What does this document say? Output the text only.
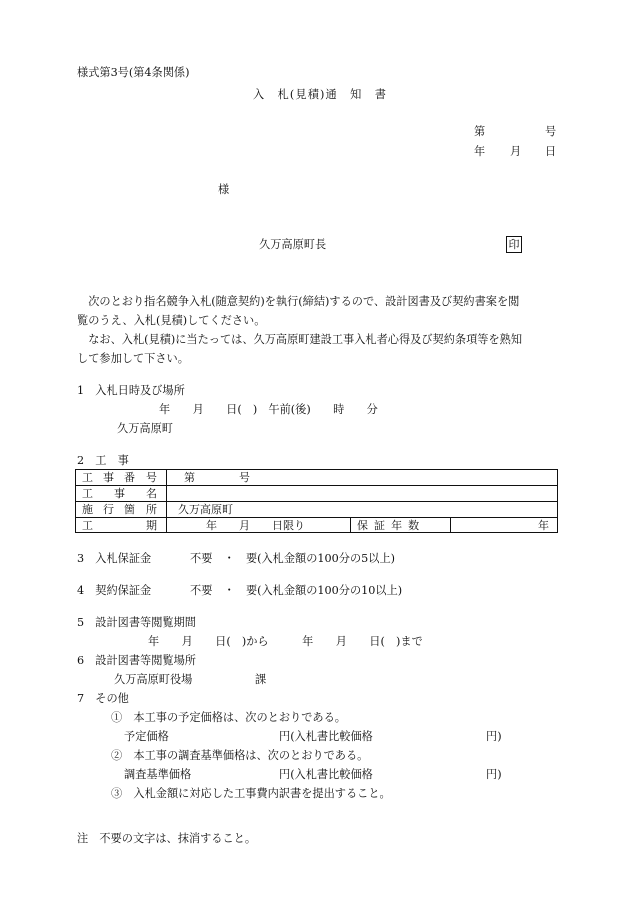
様式第3号(第4条関係)
入　札(見積)通　知　書
第	号
年 月 日
様
久万高原町長	印
　次のとおり指名競争入札(随意契約)を執行(締結)するので、設計図書及び契約書案を閲
覧のうえ、入札(見積)してください。
　なお、入札(見積)に当たっては、久万高原町建設工事入札者心得及び契約条項等を熟知
して参加して下さい。
1　入札日時及び場所
年　　月　　日(　)　午前(後)　　時　　分
久万高原町
2　工　事
工 事 番 号 第　　　　号
工 事 名
施 行 箇 所 久万高原町
工	期	年　　月　　日限り	保証年数	年
3　入札保証金	不要　・　要(入札金額の100分の5以上)
4　契約保証金	不要　・　要(入札金額の100分の10以上)
5　設計図書等閲覧期間
年　　月　　日(　)から　　　年　　月　　日(　)まで
6　設計図書等閲覧場所
久万高原町役場	課
7　その他
①　本工事の予定価格は、次のとおりである。
予定価格	円(入札書比較価格	円)
②　本工事の調査基準価格は、次のとおりである。
調査基準価格	円(入札書比較価格	円)
③　入札金額に対応した工事費内訳書を提出すること。
注　不要の文字は、抹消すること。
